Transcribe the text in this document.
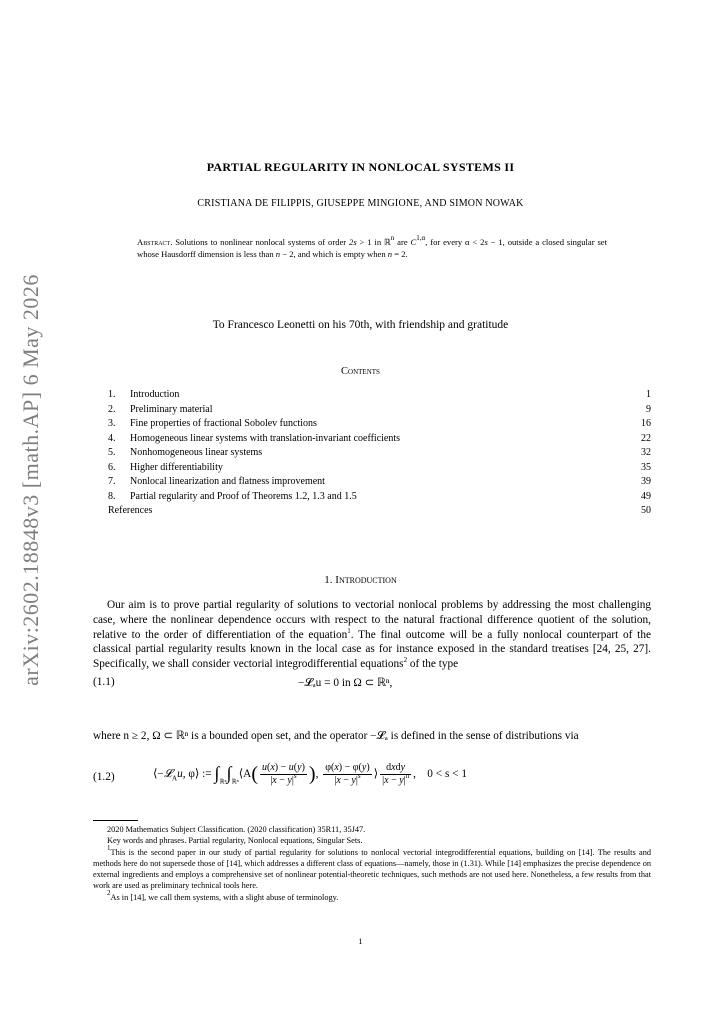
arXiv:2602.18848v3 [math.AP] 6 May 2026
PARTIAL REGULARITY IN NONLOCAL SYSTEMS II
CRISTIANA DE FILIPPIS, GIUSEPPE MINGIONE, AND SIMON NOWAK
Abstract. Solutions to nonlinear nonlocal systems of order 2s > 1 in ℝ$^n$ are $C^{1,\alpha}$, for every α < 2s − 1, outside a closed singular set whose Hausdorff dimension is less than n − 2, and which is empty when n = 2.
To Francesco Leonetti on his 70th, with friendship and gratitude
Contents
1. Introduction	1
2. Preliminary material	9
3. Fine properties of fractional Sobolev functions	16
4. Homogeneous linear systems with translation-invariant coefficients	22
5. Nonhomogeneous linear systems	32
6. Higher differentiability	35
7. Nonlocal linearization and flatness improvement	39
8. Partial regularity and Proof of Theorems 1.2, 1.3 and 1.5	49
References	50
1. Introduction
Our aim is to prove partial regularity of solutions to vectorial nonlocal problems by addressing the most challenging case, where the nonlinear dependence occurs with respect to the natural fractional difference quotient of the solution, relative to the order of differentiation of the equation$^1$. The final outcome will be a fully nonlocal counterpart of the classical partial regularity results known in the local case as for instance exposed in the standard treatises [24, 25, 27]. Specifically, we shall consider vectorial integrodifferential equations$^2$ of the type
(1.1)	−𝓛ₐu = 0 in Ω ⊂ ℝⁿ,
where n ≥ 2, Ω ⊂ ℝⁿ is a bounded open set, and the operator −𝓛ₐ is defined in the sense of distributions via
(1.2)	⟨−𝓛$_A$u, φ⟩ := $\int_{ℝ^n}\int_{ℝ^n}⟨A( \frac{u(x) - u(y)}{|x - y|^s}$ ), $\frac{\varphi(x) - \varphi(y)}{|x - y|^s}$ ⟩ $\frac{\text{dxdy}}{|x - y|^n}$ ,    0 < s < 1
2020 Mathematics Subject Classification. (2020 classification) 35R11, 35J47.
Key words and phrases. Partial regularity, Nonlocal equations, Singular Sets.
$^1$This is the second paper in our study of partial regularity for solutions to nonlocal vectorial integrodifferential equations, building on [14]. The results and methods here do not supersede those of [14], which addresses a different class of equations—namely, those in (1.31). While [14] emphasizes the precise dependence on external ingredients and employs a comprehensive set of nonlinear potential-theoretic techniques, such methods are not used here. Nonetheless, a few results from that work are used as preliminary technical tools here.
$^2$As in [14], we call them systems, with a slight abuse of terminology.
1
